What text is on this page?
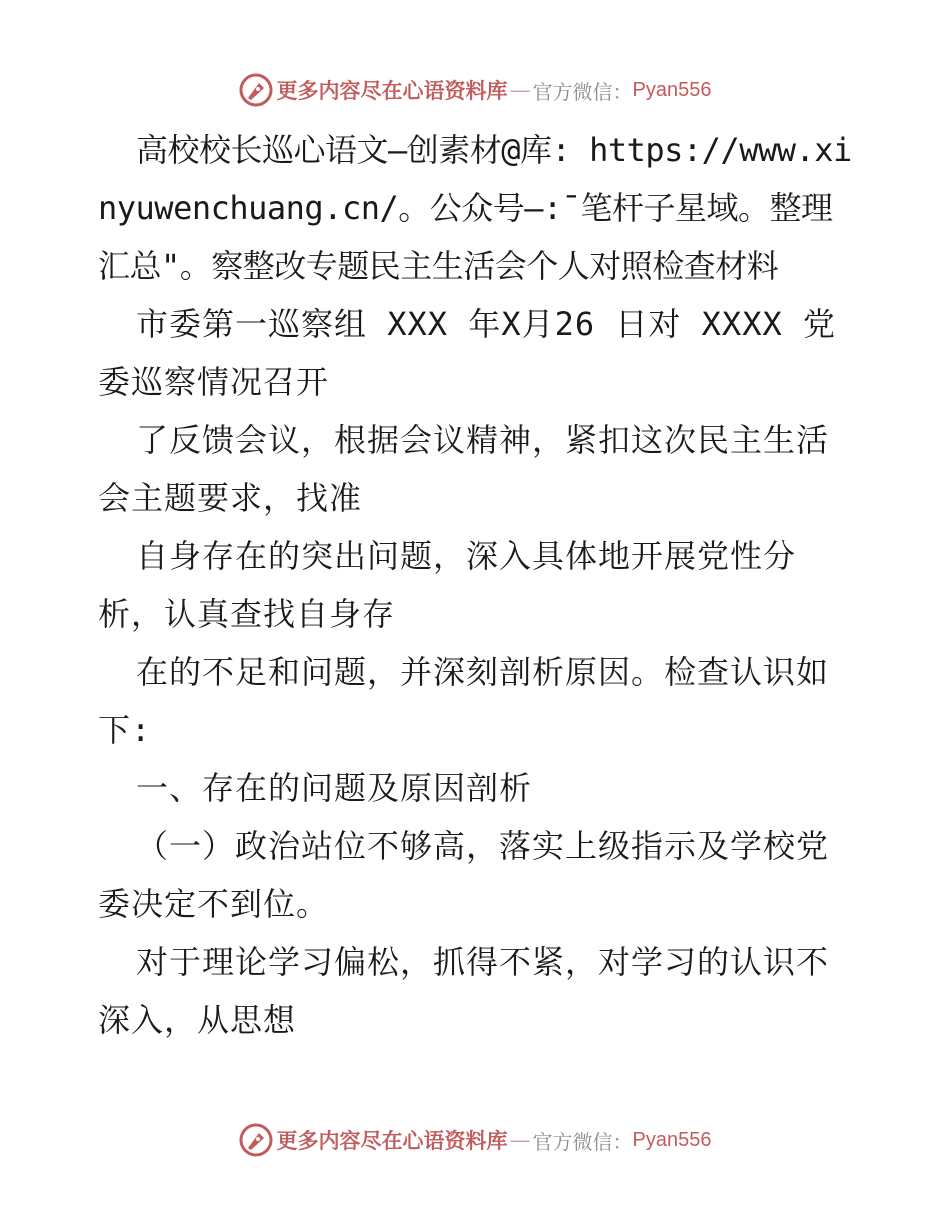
更多内容尽在心语资料库 — 官方微信： Pyan556

高校校长巡心语文—创素材@库: https://www.xinyuwenchuang.cn/。公众号—:¯笔杆子星域。整理汇总"。察整改专题民主生活会个人对照检查材料

市委第一巡察组 XXX 年X月26 日对 XXXX 党委巡察情况召开

了反馈会议，根据会议精神，紧扣这次民主生活会主题要求，找准

自身存在的突出问题，深入具体地开展党性分析，认真查找自身存

在的不足和问题，并深刻剖析原因。检查认识如下:

一、存在的问题及原因剖析

（一）政治站位不够高，落实上级指示及学校党委决定不到位。

对于理论学习偏松，抓得不紧，对学习的认识不深入，从思想

更多内容尽在心语资料库 — 官方微信： Pyan556
